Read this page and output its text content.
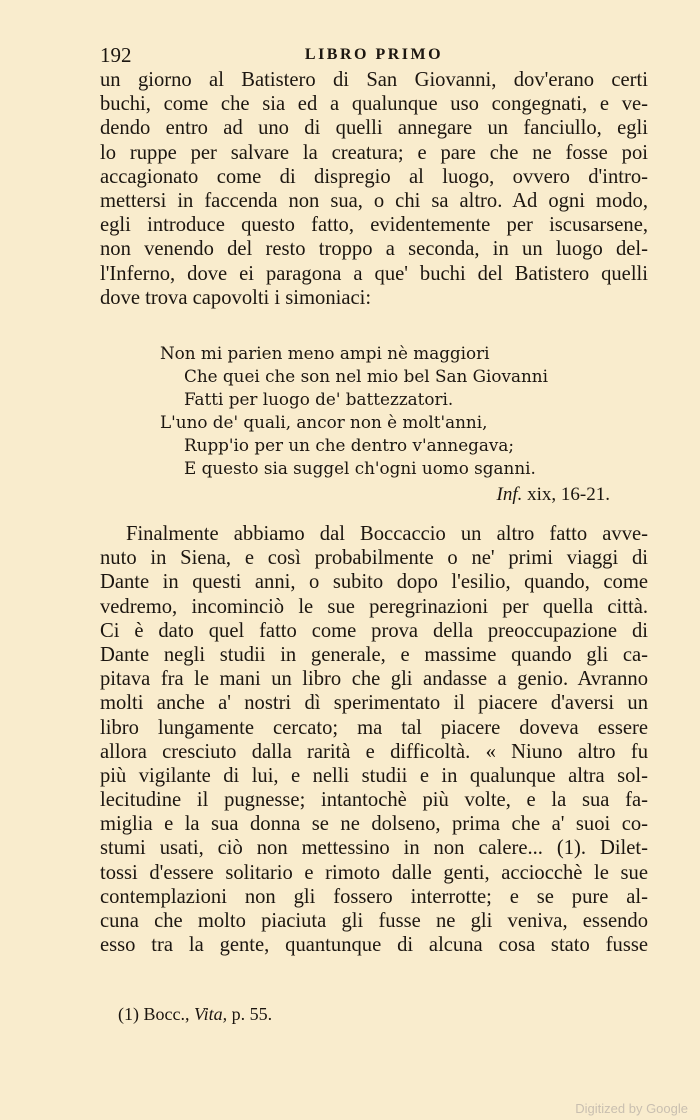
192	LIBRO PRIMO
un giorno al Batistero di San Giovanni, dov'erano certi
buchi, come che sia ed a qualunque uso congegnati, e ve-
dendo entro ad uno di quelli annegare un fanciullo, egli
lo ruppe per salvare la creatura; e pare che ne fosse poi
accagionato come di dispregio al luogo, ovvero d'intro-
mettersi in faccenda non sua, o chi sa altro. Ad ogni modo,
egli introduce questo fatto, evidentemente per iscusarsene,
non venendo del resto troppo a seconda, in un luogo del-
l'Inferno, dove ei paragona a que' buchi del Batistero quelli
dove trova capovolti i simoniaci:
Non mi parien meno ampi nè maggiori
Che quei che son nel mio bel San Giovanni
Fatti per luogo de' battezzatori.
L'uno de' quali, ancor non è molt'anni,
Rupp'io per un che dentro v'annegava;
E questo sia suggel ch'ogni uomo sganni.
Inf. xix, 16-21.
Finalmente abbiamo dal Boccaccio un altro fatto avve-
nuto in Siena, e così probabilmente o ne' primi viaggi di
Dante in questi anni, o subito dopo l'esilio, quando, come
vedremo, incominciò le sue peregrinazioni per quella città.
Ci è dato quel fatto come prova della preoccupazione di
Dante negli studii in generale, e massime quando gli ca-
pitava fra le mani un libro che gli andasse a genio. Avranno
molti anche a' nostri dì sperimentato il piacere d'aversi un
libro lungamente cercato; ma tal piacere doveva essere
allora cresciuto dalla rarità e difficoltà. « Niuno altro fu
più vigilante di lui, e nelli studii e in qualunque altra sol-
lecitudine il pugnesse; intantochè più volte, e la sua fa-
miglia e la sua donna se ne dolseno, prima che a' suoi co-
stumi usati, ciò non mettessino in non calere... (1). Dilet-
tossi d'essere solitario e rimoto dalle genti, acciocchè le sue
contemplazioni non gli fossero interrotte; e se pure al-
cuna che molto piaciuta gli fusse ne gli veniva, essendo
esso tra la gente, quantunque di alcuna cosa stato fusse
(1) Bocc., Vita, p. 55.
Digitized by Google
